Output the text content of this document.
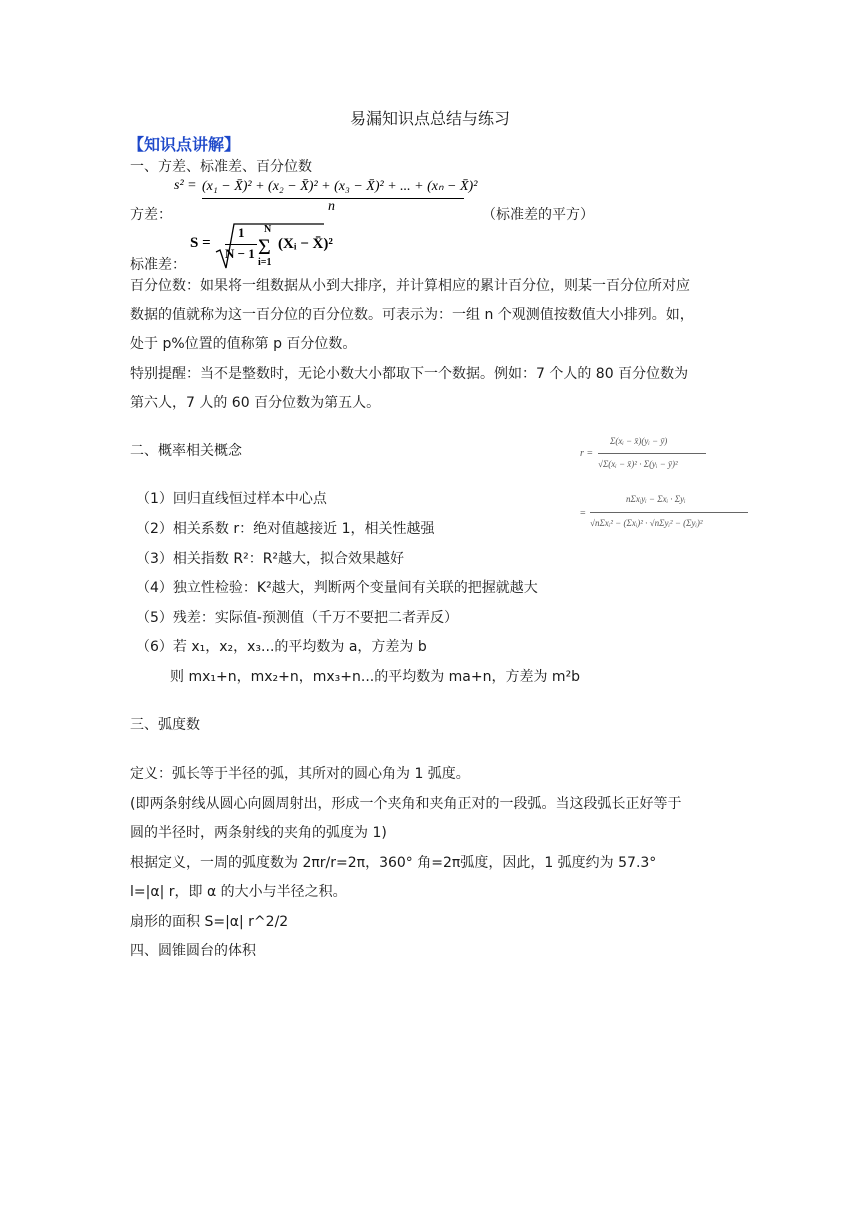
易漏知识点总结与练习
【知识点讲解】
一、方差、标准差、百分位数
s² = (x₁ − X̄)² + (x₂ − X̄)² + (x₃ − X̄)² + ... + (xₙ − X̄)²
n
方差：	（标准差的平方）
S =
1
N − 1
N
Σ
i=1
(Xᵢ − X̄)²
标准差：
百分位数：如果将一组数据从小到大排序，并计算相应的累计百分位，则某一百分位所对应
数据的值就称为这一百分位的百分位数。可表示为：一组 n 个观测值按数值大小排列。如，
处于 p%位置的值称第 p 百分位数。
特别提醒：当不是整数时，无论小数大小都取下一个数据。例如：7 个人的 80 百分位数为
第六人，7 人的 60 百分位数为第五人。
二、概率相关概念	r =
Σ(xᵢ − x̄)(yᵢ − ȳ)
√Σ(xᵢ − x̄)² · Σ(yᵢ − ȳ)²
=
nΣxᵢyᵢ − Σxᵢ · Σyᵢ
√nΣxᵢ² − (Σxᵢ)² · √nΣyᵢ² − (Σyᵢ)²
（1）回归直线恒过样本中心点
（2）相关系数 r：绝对值越接近 1，相关性越强
（3）相关指数 R²：R²越大，拟合效果越好
（4）独立性检验：K²越大，判断两个变量间有关联的把握就越大
（5）残差：实际值-预测值（千万不要把二者弄反）
（6）若 x₁，x₂，x₃...的平均数为 a，方差为 b
则 mx₁+n，mx₂+n，mx₃+n...的平均数为 ma+n，方差为 m²b
三、弧度数
定义：弧长等于半径的弧，其所对的圆心角为 1 弧度。
(即两条射线从圆心向圆周射出，形成一个夹角和夹角正对的一段弧。当这段弧长正好等于
圆的半径时，两条射线的夹角的弧度为 1)
根据定义，一周的弧度数为 2πr/r=2π，360° 角=2π弧度，因此，1 弧度约为 57.3°
l=|α| r，即 α 的大小与半径之积。
扇形的面积 S=|α| r^2/2
四、圆锥圆台的体积
